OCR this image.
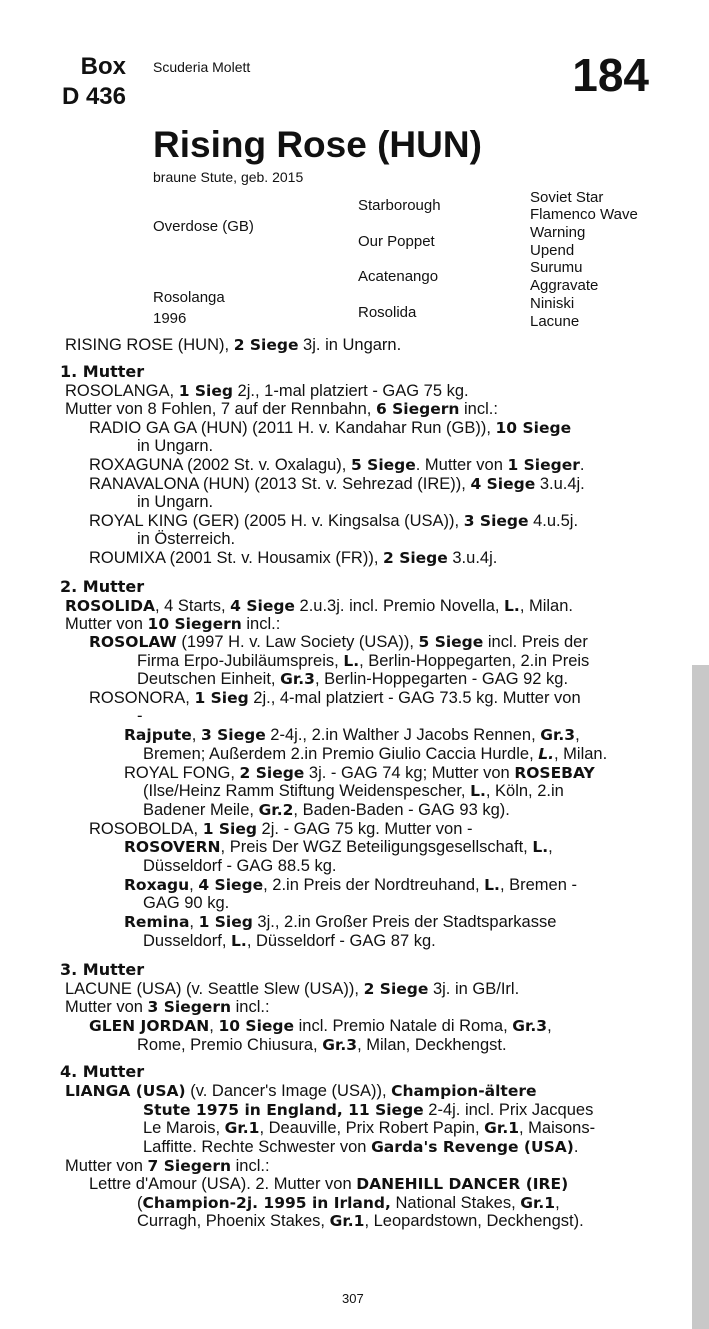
Box
D 436
Scuderia Molett	184
Rising Rose (HUN)
braune Stute, geb. 2015
Overdose (GB)
Rosolanga
1996
Starborough
Our Poppet
Acatenango
Rosolida
Soviet Star
Flamenco Wave
Warning
Upend
Surumu
Aggravate
Niniski
Lacune
RISING ROSE (HUN), 2 Siege 3j. in Ungarn.
1. Mutter
ROSOLANGA, 1 Sieg 2j., 1-mal platziert - GAG 75 kg.
Mutter von 8 Fohlen, 7 auf der Rennbahn, 6 Siegern incl.:
RADIO GA GA (HUN) (2011 H. v. Kandahar Run (GB)), 10 Siege
in Ungarn.
ROXAGUNA (2002 St. v. Oxalagu), 5 Siege. Mutter von 1 Sieger.
RANAVALONA (HUN) (2013 St. v. Sehrezad (IRE)), 4 Siege 3.u.4j.
in Ungarn.
ROYAL KING (GER) (2005 H. v. Kingsalsa (USA)), 3 Siege 4.u.5j.
in Österreich.
ROUMIXA (2001 St. v. Housamix (FR)), 2 Siege 3.u.4j.
2. Mutter
ROSOLIDA, 4 Starts, 4 Siege 2.u.3j. incl. Premio Novella, L., Milan.
Mutter von 10 Siegern incl.:
ROSOLAW (1997 H. v. Law Society (USA)), 5 Siege incl. Preis der
Firma Erpo-Jubiläumspreis, L., Berlin-Hoppegarten, 2.in Preis
Deutschen Einheit, Gr.3, Berlin-Hoppegarten - GAG 92 kg.
ROSONORA, 1 Sieg 2j., 4-mal platziert - GAG 73.5 kg. Mutter von
-
Rajpute, 3 Siege 2-4j., 2.in Walther J Jacobs Rennen, Gr.3,
Bremen; Außerdem 2.in Premio Giulio Caccia Hurdle, L., Milan.
ROYAL FONG, 2 Siege 3j. - GAG 74 kg; Mutter von ROSEBAY
(Ilse/Heinz Ramm Stiftung Weidenspescher, L., Köln, 2.in
Badener Meile, Gr.2, Baden-Baden - GAG 93 kg).
ROSOBOLDA, 1 Sieg 2j. - GAG 75 kg. Mutter von -
ROSOVERN, Preis Der WGZ Beteiligungsgesellschaft, L.,
Düsseldorf - GAG 88.5 kg.
Roxagu, 4 Siege, 2.in Preis der Nordtreuhand, L., Bremen -
GAG 90 kg.
Remina, 1 Sieg 3j., 2.in Großer Preis der Stadtsparkasse
Dusseldorf, L., Düsseldorf - GAG 87 kg.
3. Mutter
LACUNE (USA) (v. Seattle Slew (USA)), 2 Siege 3j. in GB/Irl.
Mutter von 3 Siegern incl.:
GLEN JORDAN, 10 Siege incl. Premio Natale di Roma, Gr.3,
Rome, Premio Chiusura, Gr.3, Milan, Deckhengst.
4. Mutter
LIANGA (USA) (v. Dancer's Image (USA)), Champion-ältere
Stute 1975 in England, 11 Siege 2-4j. incl. Prix Jacques
Le Marois, Gr.1, Deauville, Prix Robert Papin, Gr.1, Maisons-
Laffitte. Rechte Schwester von Garda's Revenge (USA).
Mutter von 7 Siegern incl.:
Lettre d'Amour (USA). 2. Mutter von DANEHILL DANCER (IRE)
(Champion-2j. 1995 in Irland, National Stakes, Gr.1,
Curragh, Phoenix Stakes, Gr.1, Leopardstown, Deckhengst).
307
